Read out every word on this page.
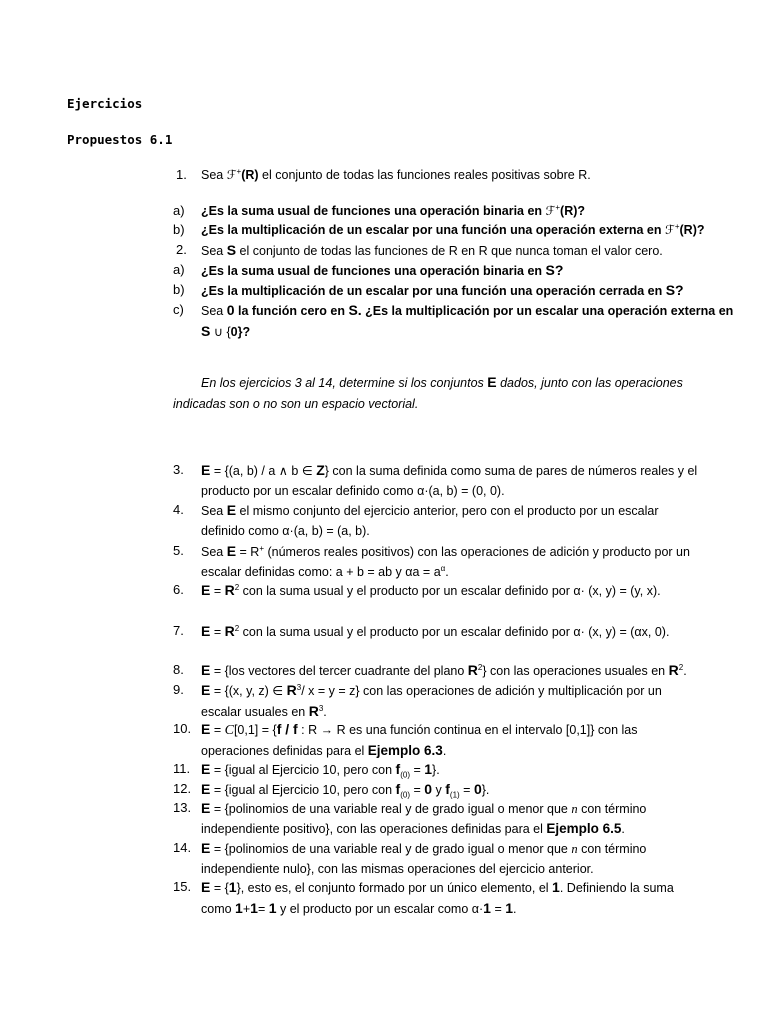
Ejercicios
Propuestos 6.1
1. Sea ℱ+(R) el conjunto de todas las funciones reales positivas sobre R.
a) ¿Es la suma usual de funciones una operación binaria en ℱ+(R)?
b) ¿Es la multiplicación de un escalar por una función una operación externa en ℱ+(R)?
2. Sea S el conjunto de todas las funciones de R en R que nunca toman el valor cero.
a) ¿Es la suma usual de funciones una operación binaria en S?
b) ¿Es la multiplicación de un escalar por una función una operación cerrada en S?
c) Sea 0 la función cero en S. ¿Es la multiplicación por un escalar una operación externa en
S ∪ {0}?
En los ejercicios 3 al 14, determine si los conjuntos E dados, junto con las operaciones indicadas son o no son un espacio vectorial.
3.
4.
5.
6.
7.
8.
9.
10.
11.
12.
13.
14.
15.
E = {(a, b) / a ∧ b ∈ Z} con la suma definida como suma de pares de números reales y el producto por un escalar definido como α·(a, b) = (0, 0).
Sea E el mismo conjunto del ejercicio anterior, pero con el producto por un escalar definido como α·(a, b) = (a, b).
Sea E = R+ (números reales positivos) con las operaciones de adición y producto por un escalar definidas como: a + b = ab y $\alpha a = a^\alpha$.
$E = R^2$ con la suma usual y el producto por un escalar definido por α· (x, y) = (y, x).
$E = R^2$ con la suma usual y el producto por un escalar definido por α· (x, y) = (αx, 0).
E = {los vectores del tercer cuadrante del plano $R^2$} con las operaciones usuales en $R^2$.
E = {(x, y, z) ∈ $R^3/$ x = y = z} con las operaciones de adición y multiplicación por un escalar usuales en $R^3$.
E = C[0,1] = {f / f : R → R es una función continua en el intervalo [0,1]} con las operaciones definidas para el Ejemplo 6.3.
E = {igual al Ejercicio 10, pero con $f_{(0)} = 1$}.
E = {igual al Ejercicio 10, pero con $f_{(0)} = 0$ y $f_{(1)} = 0$}.
E = {polinomios de una variable real y de grado igual o menor que n con término independiente positivo}, con las operaciones definidas para el Ejemplo 6.5.
E = {polinomios de una variable real y de grado igual o menor que n con término independiente nulo}, con las mismas operaciones del ejercicio anterior.
E = {1}, esto es, el conjunto formado por un único elemento, el 1. Definiendo la suma como 1+1= 1 y el producto por un escalar como α·1 = 1.
